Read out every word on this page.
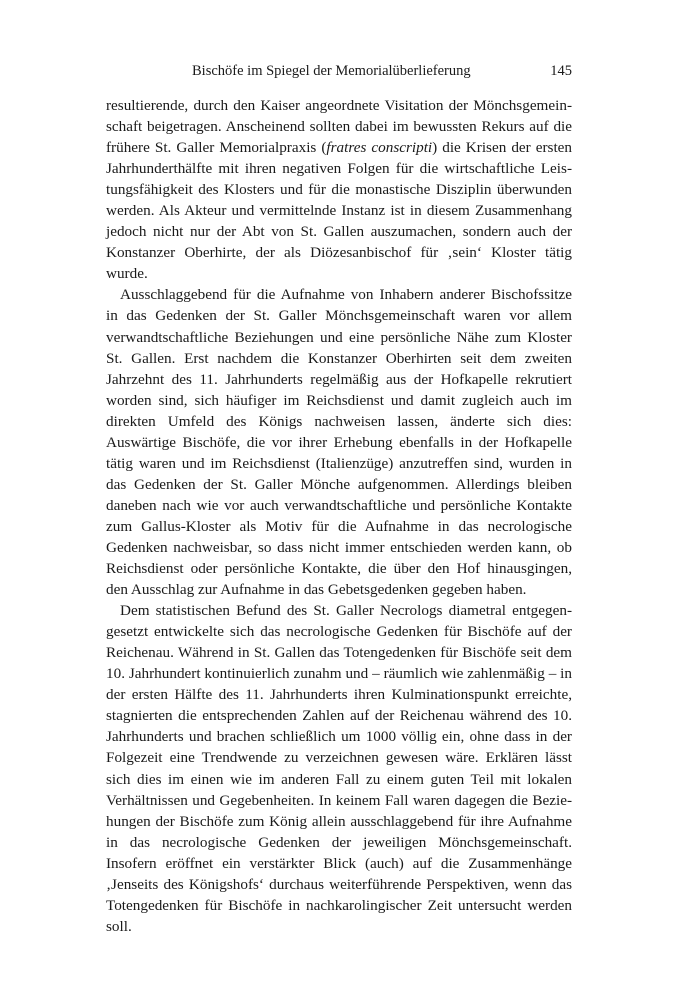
Bischöfe im Spiegel der Memorialüberlieferung	145

resultierende, durch den Kaiser angeordnete Visitation der Mönchsgemeinschaft beigetragen. Anscheinend sollten dabei im bewussten Rekurs auf die frühere St. Galler Memorialpraxis (fratres conscripti) die Krisen der ersten Jahrhunderthälfte mit ihren negativen Folgen für die wirtschaftliche Leistungsfähigkeit des Klosters und für die monastische Disziplin überwunden werden. Als Akteur und vermittelnde Instanz ist in diesem Zusammenhang jedoch nicht nur der Abt von St. Gallen auszumachen, sondern auch der Konstanzer Oberhirte, der als Diözesanbischof für ‚sein‘ Kloster tätig wurde.

Ausschlaggebend für die Aufnahme von Inhabern anderer Bischofssitze in das Gedenken der St. Galler Mönchsgemeinschaft waren vor allem verwandtschaftliche Beziehungen und eine persönliche Nähe zum Kloster St. Gallen. Erst nachdem die Konstanzer Oberhirten seit dem zweiten Jahrzehnt des 11. Jahrhunderts regelmäßig aus der Hofkapelle rekrutiert worden sind, sich häufiger im Reichsdienst und damit zugleich auch im direkten Umfeld des Königs nachweisen lassen, änderte sich dies: Auswärtige Bischöfe, die vor ihrer Erhebung ebenfalls in der Hofkapelle tätig waren und im Reichsdienst (Italienzüge) anzutreffen sind, wurden in das Gedenken der St. Galler Mönche aufgenommen. Allerdings bleiben daneben nach wie vor auch verwandtschaftliche und persönliche Kontakte zum Gallus-Kloster als Motiv für die Aufnahme in das necrologische Gedenken nachweisbar, so dass nicht immer entschieden werden kann, ob Reichsdienst oder persönliche Kontakte, die über den Hof hinausgingen, den Ausschlag zur Aufnahme in das Gebetsgedenken gegeben haben.

Dem statistischen Befund des St. Galler Necrologs diametral entgegengesetzt entwickelte sich das necrologische Gedenken für Bischöfe auf der Reichenau. Während in St. Gallen das Totengedenken für Bischöfe seit dem 10. Jahrhundert kontinuierlich zunahm und – räumlich wie zahlenmäßig – in der ersten Hälfte des 11. Jahrhunderts ihren Kulminationspunkt erreichte, stagnierten die entsprechenden Zahlen auf der Reichenau während des 10. Jahrhunderts und brachen schließlich um 1000 völlig ein, ohne dass in der Folgezeit eine Trendwende zu verzeichnen gewesen wäre. Erklären lässt sich dies im einen wie im anderen Fall zu einem guten Teil mit lokalen Verhältnissen und Gegebenheiten. In keinem Fall waren dagegen die Beziehungen der Bischöfe zum König allein ausschlaggebend für ihre Aufnahme in das necrologische Gedenken der jeweiligen Mönchsgemeinschaft. Insofern eröffnet ein verstärkter Blick (auch) auf die Zusammenhänge ‚Jenseits des Königshofs‘ durchaus weiterführende Perspektiven, wenn das Totengedenken für Bischöfe in nachkarolingischer Zeit untersucht werden soll.
